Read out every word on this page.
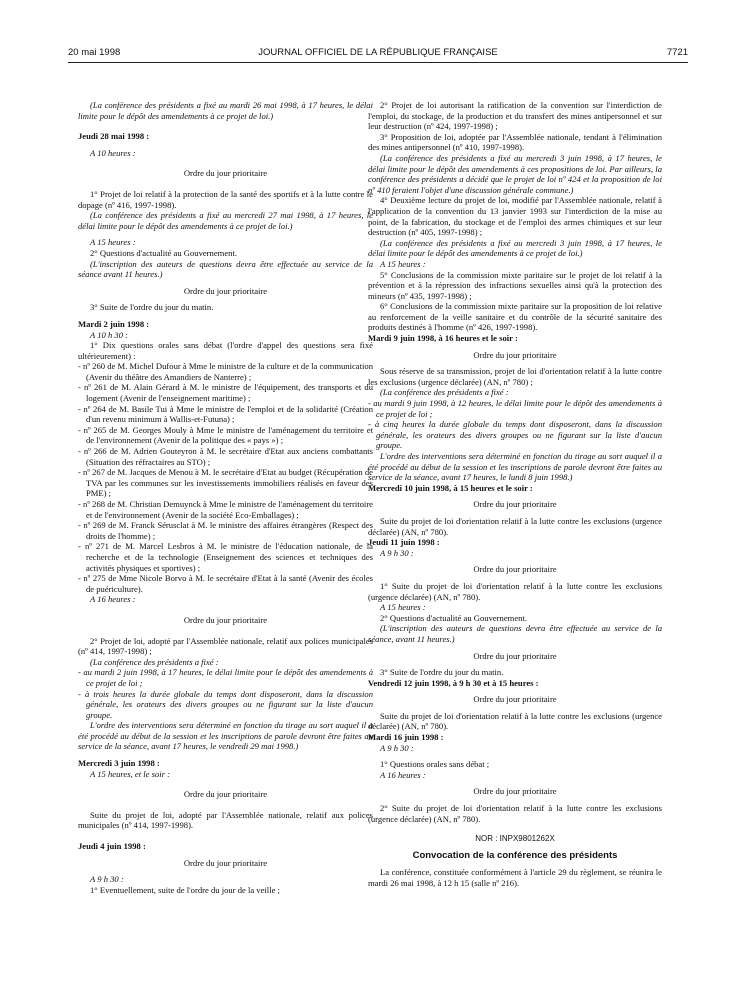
20 mai 1998	JOURNAL OFFICIEL DE LA RÉPUBLIQUE FRANÇAISE	7721

(La conférence des présidents a fixé au mardi 26 mai 1998, à 17 heures, le délai limite pour le dépôt des amendements à ce projet de loi.)

Jeudi 28 mai 1998 :

A 10 heures :

Ordre du jour prioritaire

1° Projet de loi relatif à la protection de la santé des sportifs et à la lutte contre le dopage (nº 416, 1997-1998).

(La conférence des présidents a fixé au mercredi 27 mai 1998, à 17 heures, le délai limite pour le dépôt des amendements à ce projet de loi.)

A 15 heures :

2° Questions d'actualité au Gouvernement.

(L'inscription des auteurs de questions devra être effectuée au service de la séance avant 11 heures.)

Ordre du jour prioritaire

3° Suite de l'ordre du jour du matin.

Mardi 2 juin 1998 :

A 10 h 30 :

1° Dix questions orales sans débat (l'ordre d'appel des questions sera fixé ultérieurement) :

- nº 260 de M. Michel Dufour à Mme le ministre de la culture et de la communication (Avenir du théâtre des Amandiers de Nanterre) ;

- nº 261 de M. Alain Gérard à M. le ministre de l'équipement, des transports et du logement (Avenir de l'enseignement maritime) ;

- nº 264 de M. Basile Tui à Mme le ministre de l'emploi et de la solidarité (Création d'un revenu minimum à Wallis-et-Futuna) ;

- nº 265 de M. Georges Mouly à Mme le ministre de l'aménagement du territoire et de l'environnement (Avenir de la politique des « pays ») ;

- nº 266 de M. Adrien Gouteyron à M. le secrétaire d'Etat aux anciens combattants (Situation des réfractaires au STO) ;

- nº 267 de M. Jacques de Menou à M. le secrétaire d'Etat au budget (Récupération de TVA par les communes sur les investissements immobiliers réalisés en faveur des PME) ;

- nº 268 de M. Christian Demuynck à Mme le ministre de l'aménagement du territoire et de l'environnement (Avenir de la société Eco-Emballages) ;

- nº 269 de M. Franck Sérusclat à M. le ministre des affaires étrangères (Respect des droits de l'homme) ;

- nº 271 de M. Marcel Lesbros à M. le ministre de l'éducation nationale, de la recherche et de la technologie (Enseignement des sciences et techniques des activités physiques et sportives) ;

- nº 275 de Mme Nicole Borvo à M. le secrétaire d'Etat à la santé (Avenir des écoles de puériculture).

A 16 heures :

Ordre du jour prioritaire

2° Projet de loi, adopté par l'Assemblée nationale, relatif aux polices municipales (nº 414, 1997-1998) ;

(La conférence des présidents a fixé :

- au mardi 2 juin 1998, à 17 heures, le délai limite pour le dépôt des amendements à ce projet de loi ;

- à trois heures la durée globale du temps dont disposeront, dans la discussion générale, les orateurs des divers groupes ou ne figurant sur la liste d'aucun groupe.

L'ordre des interventions sera déterminé en fonction du tirage au sort auquel il a été procédé au début de la session et les inscriptions de parole devront être faites au service de la séance, avant 17 heures, le vendredi 29 mai 1998.)

Mercredi 3 juin 1998 :

A 15 heures, et le soir :

Ordre du jour prioritaire

Suite du projet de loi, adopté par l'Assemblée nationale, relatif aux polices municipales (nº 414, 1997-1998).

Jeudi 4 juin 1998 :

Ordre du jour prioritaire

A 9 h 30 :

1° Eventuellement, suite de l'ordre du jour de la veille ;

2° Projet de loi autorisant la ratification de la convention sur l'interdiction de l'emploi, du stockage, de la production et du transfert des mines antipersonnel et sur leur destruction (nº 424, 1997-1998) ;

3° Proposition de loi, adoptée par l'Assemblée nationale, tendant à l'élimination des mines antipersonnel (nº 410, 1997-1998).

(La conférence des présidents a fixé au mercredi 3 juin 1998, à 17 heures, le délai limite pour le dépôt des amendements à ces propositions de loi. Par ailleurs, la conférence des présidents a décidé que le projet de loi nº 424 et la proposition de loi nº 410 feraient l'objet d'une discussion générale commune.)

4° Deuxième lecture du projet de loi, modifié par l'Assemblée nationale, relatif à l'application de la convention du 13 janvier 1993 sur l'interdiction de la mise au point, de la fabrication, du stockage et de l'emploi des armes chimiques et sur leur destruction (nº 405, 1997-1998) ;

(La conférence des présidents a fixé au mercredi 3 juin 1998, à 17 heures, le délai limite pour le dépôt des amendements à ce projet de loi.)

A 15 heures :

5° Conclusions de la commission mixte paritaire sur le projet de loi relatif à la prévention et à la répression des infractions sexuelles ainsi qu'à la protection des mineurs (nº 435, 1997-1998) ;

6° Conclusions de la commission mixte paritaire sur la proposition de loi relative au renforcement de la veille sanitaire et du contrôle de la sécurité sanitaire des produits destinés à l'homme (nº 426, 1997-1998).

Mardi 9 juin 1998, à 16 heures et le soir :

Ordre du jour prioritaire

Sous réserve de sa transmission, projet de loi d'orientation relatif à la lutte contre les exclusions (urgence déclarée) (AN, nº 780) ;

(La conférence des présidents a fixé :

- au mardi 9 juin 1998, à 12 heures, le délai limite pour le dépôt des amendements à ce projet de loi ;

- à cinq heures la durée globale du temps dont disposeront, dans la discussion générale, les orateurs des divers groupes ou ne figurant sur la liste d'aucun groupe.

L'ordre des interventions sera déterminé en fonction du tirage au sort auquel il a été procédé au début de la session et les inscriptions de parole devront être faites au service de la séance, avant 17 heures, le lundi 8 juin 1998.)

Mercredi 10 juin 1998, à 15 heures et le soir :

Ordre du jour prioritaire

Suite du projet de loi d'orientation relatif à la lutte contre les exclusions (urgence déclarée) (AN, nº 780).

Jeudi 11 juin 1998 :

A 9 h 30 :

Ordre du jour prioritaire

1° Suite du projet de loi d'orientation relatif à la lutte contre les exclusions (urgence déclarée) (AN, nº 780).

A 15 heures :

2° Questions d'actualité au Gouvernement.

(L'inscription des auteurs de questions devra être effectuée au service de la séance, avant 11 heures.)

Ordre du jour prioritaire

3° Suite de l'ordre du jour du matin.

Vendredi 12 juin 1998, à 9 h 30 et à 15 heures :

Ordre du jour prioritaire

Suite du projet de loi d'orientation relatif à la lutte contre les exclusions (urgence déclarée) (AN, nº 780).

Mardi 16 juin 1998 :

A 9 h 30 :

1° Questions orales sans débat ;

A 16 heures :

Ordre du jour prioritaire

2° Suite du projet de loi d'orientation relatif à la lutte contre les exclusions (urgence déclarée) (AN, nº 780).

NOR : INPX9801262X

Convocation de la conférence des présidents

La conférence, constituée conformément à l'article 29 du règlement, se réunira le mardi 26 mai 1998, à 12 h 15 (salle nº 216).
